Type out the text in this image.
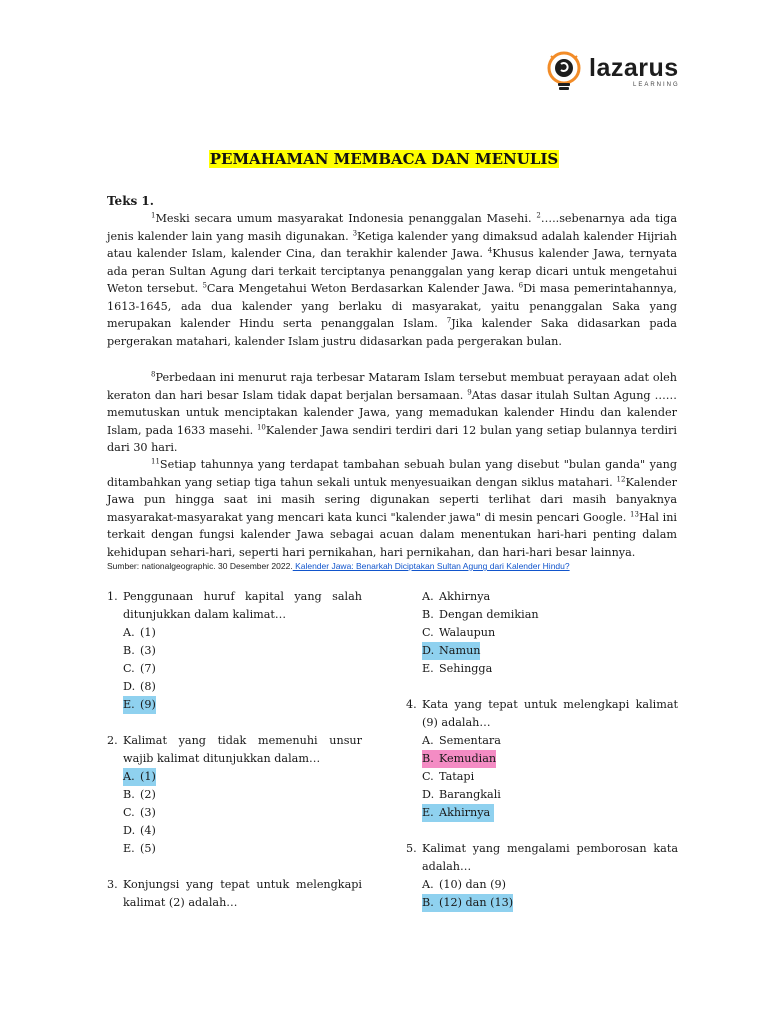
lazarus
LEARNING
PEMAHAMAN MEMBACA DAN MENULIS
Teks 1.

$^1$Meski secara umum masyarakat Indonesia penanggalan Masehi. $^2$…..sebenarnya ada tiga jenis kalender lain yang masih digunakan. $^3$Ketiga kalender yang dimaksud adalah kalender Hijriah atau kalender Islam, kalender Cina, dan terakhir kalender Jawa. $^4$Khusus kalender Jawa, ternyata ada peran Sultan Agung dari terkait terciptanya penanggalan yang kerap dicari untuk mengetahui Weton tersebut. $^5$Cara Mengetahui Weton Berdasarkan Kalender Jawa. $^6$Di masa pemerintahannya, 1613-1645, ada dua kalender yang berlaku di masyarakat, yaitu penanggalan Saka yang merupakan kalender Hindu serta penanggalan Islam. $^7$Jika kalender Saka didasarkan pada pergerakan matahari, kalender Islam justru didasarkan pada pergerakan bulan.

$^8$Perbedaan ini menurut raja terbesar Mataram Islam tersebut membuat perayaan adat oleh keraton dan hari besar Islam tidak dapat berjalan bersamaan. $^9$Atas dasar itulah Sultan Agung …… memutuskan untuk menciptakan kalender Jawa, yang memadukan kalender Hindu dan kalender Islam, pada 1633 masehi. $^{10}$Kalender Jawa sendiri terdiri dari 12 bulan yang setiap bulannya terdiri dari 30 hari.

$^{11}$Setiap tahunnya yang terdapat tambahan sebuah bulan yang disebut "bulan ganda" yang ditambahkan yang setiap tiga tahun sekali untuk menyesuaikan dengan siklus matahari. $^{12}$Kalender Jawa pun hingga saat ini masih sering digunakan seperti terlihat dari masih banyaknya masyarakat-masyarakat yang mencari kata kunci "kalender jawa" di mesin pencari Google. $^{13}$Hal ini terkait dengan fungsi kalender Jawa sebagai acuan dalam menentukan hari-hari penting dalam kehidupan sehari-hari, seperti hari pernikahan, hari pernikahan, dan hari-hari besar lainnya.

Sumber: nationalgeographic. 30 Desember 2022. Kalender Jawa: Benarkah Diciptakan Sultan Agung dari Kalender Hindu?
1. Penggunaan huruf kapital yang salah ditunjukkan dalam kalimat…
A. (1)
B. (3)
C. (7)
D. (8)
E. (9)
2. Kalimat yang tidak memenuhi unsur wajib kalimat ditunjukkan dalam…
A. (1)
B. (2)
C. (3)
D. (4)
E. (5)
3. Konjungsi yang tepat untuk melengkapi kalimat (2) adalah…
A. Akhirnya
B. Dengan demikian
C. Walaupun
D. Namun
E. Sehingga
4. Kata yang tepat untuk melengkapi kalimat (9) adalah…
A. Sementara
B. Kemudian
C. Tatapi
D. Barangkali
E. Akhirnya
5. Kalimat yang mengalami pemborosan kata adalah…
A. (10) dan (9)
B. (12) dan (13)
